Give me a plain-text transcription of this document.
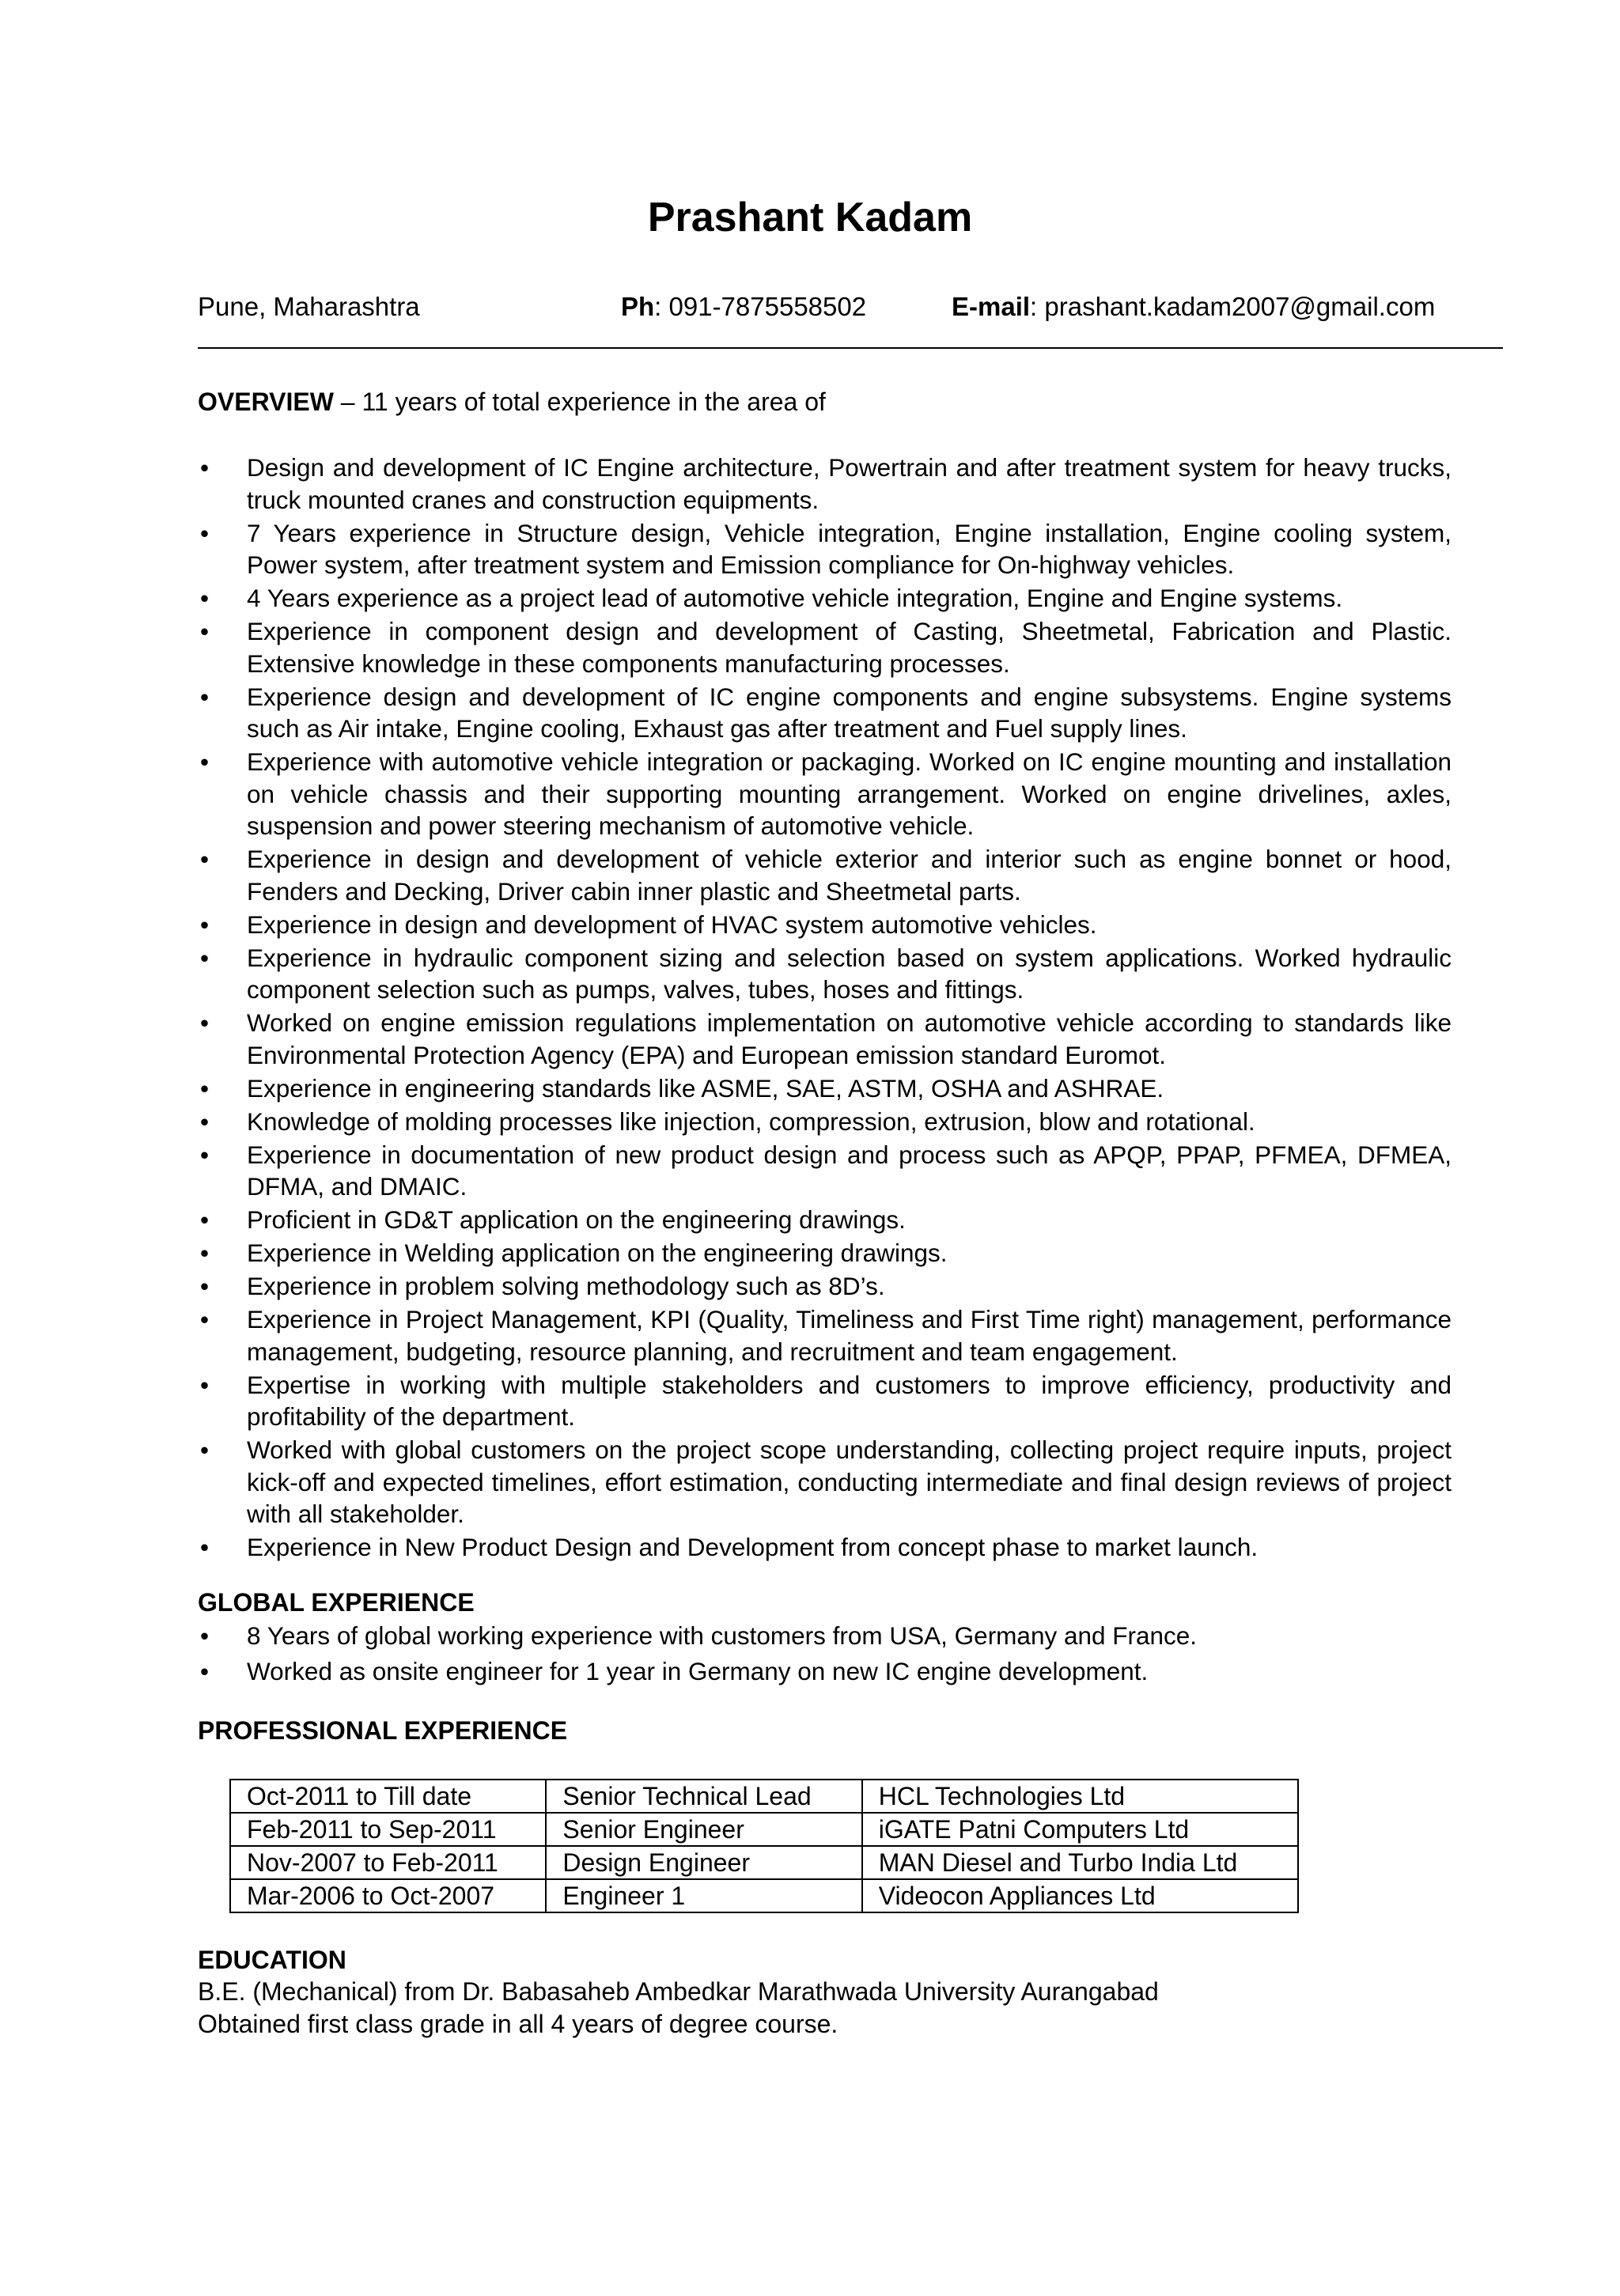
Prashant Kadam
Pune, Maharashtra	Ph: 091-7875558502	E-mail: prashant.kadam2007@gmail.com
OVERVIEW – 11 years of total experience in the area of
• Design and development of IC Engine architecture, Powertrain and after treatment system for heavy trucks, truck mounted cranes and construction equipments.
• 7 Years experience in Structure design, Vehicle integration, Engine installation, Engine cooling system, Power system, after treatment system and Emission compliance for On-highway vehicles.
• 4 Years experience as a project lead of automotive vehicle integration, Engine and Engine systems.
• Experience in component design and development of Casting, Sheetmetal, Fabrication and Plastic. Extensive knowledge in these components manufacturing processes.
• Experience design and development of IC engine components and engine subsystems. Engine systems such as Air intake, Engine cooling, Exhaust gas after treatment and Fuel supply lines.
• Experience with automotive vehicle integration or packaging. Worked on IC engine mounting and installation on vehicle chassis and their supporting mounting arrangement. Worked on engine drivelines, axles, suspension and power steering mechanism of automotive vehicle.
• Experience in design and development of vehicle exterior and interior such as engine bonnet or hood, Fenders and Decking, Driver cabin inner plastic and Sheetmetal parts.
• Experience in design and development of HVAC system automotive vehicles.
• Experience in hydraulic component sizing and selection based on system applications. Worked hydraulic component selection such as pumps, valves, tubes, hoses and fittings.
• Worked on engine emission regulations implementation on automotive vehicle according to standards like Environmental Protection Agency (EPA) and European emission standard Euromot.
• Experience in engineering standards like ASME, SAE, ASTM, OSHA and ASHRAE.
• Knowledge of molding processes like injection, compression, extrusion, blow and rotational.
• Experience in documentation of new product design and process such as APQP, PPAP, PFMEA, DFMEA, DFMA, and DMAIC.
• Proficient in GD&T application on the engineering drawings.
• Experience in Welding application on the engineering drawings.
• Experience in problem solving methodology such as 8D’s.
• Experience in Project Management, KPI (Quality, Timeliness and First Time right) management, performance management, budgeting, resource planning, and recruitment and team engagement.
• Expertise in working with multiple stakeholders and customers to improve efficiency, productivity and profitability of the department.
• Worked with global customers on the project scope understanding, collecting project require inputs, project kick-off and expected timelines, effort estimation, conducting intermediate and final design reviews of project with all stakeholder.
• Experience in New Product Design and Development from concept phase to market launch.
GLOBAL EXPERIENCE
• 8 Years of global working experience with customers from USA, Germany and France.
• Worked as onsite engineer for 1 year in Germany on new IC engine development.
PROFESSIONAL EXPERIENCE
Oct-2011 to Till date	Senior Technical Lead	HCL Technologies Ltd
Feb-2011 to Sep-2011	Senior Engineer	iGATE Patni Computers Ltd
Nov-2007 to Feb-2011	Design Engineer	MAN Diesel and Turbo India Ltd
Mar-2006 to Oct-2007	Engineer 1	Videocon Appliances Ltd
EDUCATION
B.E. (Mechanical) from Dr. Babasaheb Ambedkar Marathwada University Aurangabad
Obtained first class grade in all 4 years of degree course.
